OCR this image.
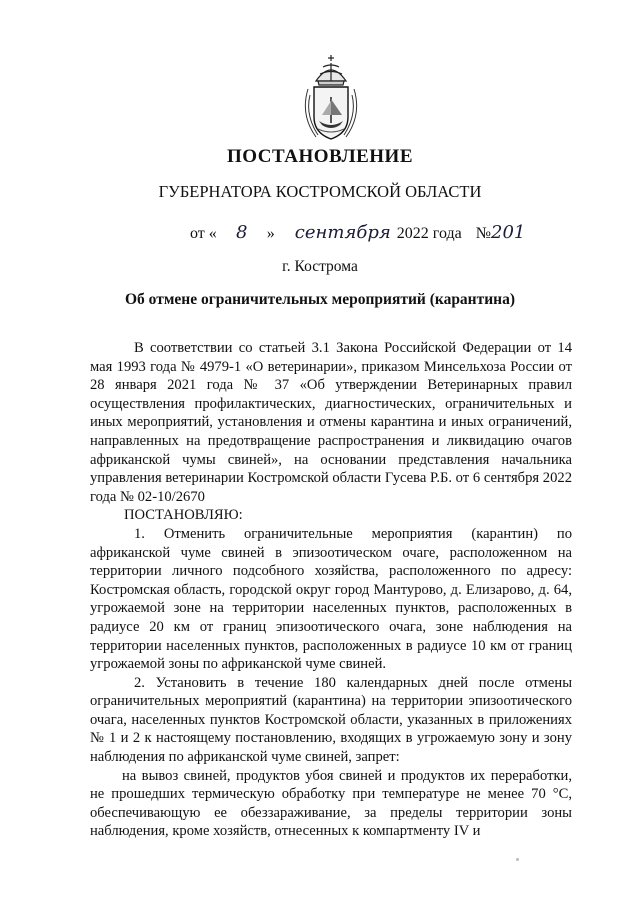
ПОСТАНОВЛЕНИЕ
ГУБЕРНАТОРА КОСТРОМСКОЙ ОБЛАСТИ
от « 8 » сентября 2022 года №201
г. Кострома
Об отмене ограничительных мероприятий (карантина)

В соответствии со статьей 3.1 Закона Российской Федерации от 14 мая 1993 года № 4979-1 «О ветеринарии», приказом Минсельхоза России от 28 января 2021 года № 37 «Об утверждении Ветеринарных правил осуществления профилактических, диагностических, ограничительных и иных мероприятий, установления и отмены карантина и иных ограничений, направленных на предотвращение распространения и ликвидацию очагов африканской чумы свиней», на основании представления начальника управления ветеринарии Костромской области Гусева Р.Б. от 6 сентября 2022 года № 02-10/2670

ПОСТАНОВЛЯЮ:

1. Отменить ограничительные мероприятия (карантин) по африканской чуме свиней в эпизоотическом очаге, расположенном на территории личного подсобного хозяйства, расположенного по адресу: Костромская область, городской округ город Мантурово, д. Елизарово, д. 64, угрожаемой зоне на территории населенных пунктов, расположенных в радиусе 20 км от границ эпизоотического очага, зоне наблюдения на территории населенных пунктов, расположенных в радиусе 10 км от границ угрожаемой зоны по африканской чуме свиней.

2. Установить в течение 180 календарных дней после отмены ограничительных мероприятий (карантина) на территории эпизоотического очага, населенных пунктов Костромской области, указанных в приложениях № 1 и 2 к настоящему постановлению, входящих в угрожаемую зону и зону наблюдения по африканской чуме свиней, запрет:

на вывоз свиней, продуктов убоя свиней и продуктов их переработки, не прошедших термическую обработку при температуре не менее 70 °С, обеспечивающую ее обеззараживание, за пределы территории зоны наблюдения, кроме хозяйств, отнесенных к компартменту IV и
